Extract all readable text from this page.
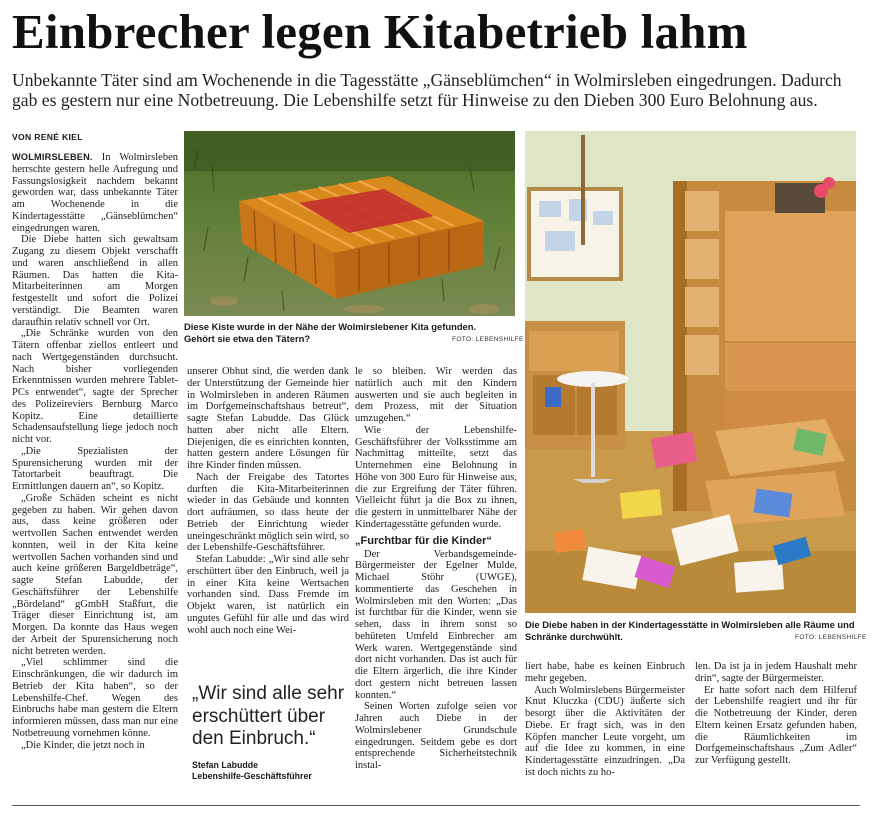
Einbrecher legen Kitabetrieb lahm

Unbekannte Täter sind am Wochenende in die Tagesstätte „Gänseblümchen“ in Wolmirsleben eingedrungen. Dadurch gab es gestern nur eine Notbetreuung. Die Lebenshilfe setzt für Hinweise zu den Dieben 300 Euro Belohnung aus.

VON RENÉ KIEL

WOLMIRSLEBEN. In Wolmirsleben herrschte gestern helle Aufregung und Fassungslosigkeit nachdem bekannt geworden war, dass unbekannte Täter am Wochenende in die Kindertagesstätte „Gänseblümchen“ eingedrungen waren.

Die Diebe hatten sich gewaltsam Zugang zu diesem Objekt verschafft und waren anschließend in allen Räumen. Das hatten die Kita-Mitarbeiterinnen am Morgen festgestellt und sofort die Polizei verständigt. Die Beamten waren daraufhin relativ schnell vor Ort.

„Die Schränke wurden von den Tätern offenbar ziellos entleert und nach Wertgegenständen durchsucht. Nach bisher vorliegenden Erkenntnissen wurden mehrere Tablet-PCs entwendet“, sagte der Sprecher des Polizeireviers Bernburg Marco Kopitz. Eine detaillierte Schadensaufstellung liege jedoch noch nicht vor.

„Die Spezialisten der Spurensicherung wurden mit der Tatortarbeit beauftragt. Die Ermittlungen dauern an“, so Kopitz.

„Große Schäden scheint es nicht gegeben zu haben. Wir gehen davon aus, dass keine größeren oder wertvollen Sachen entwendet werden konnten, weil in der Kita keine wertvollen Sachen vorhanden sind und auch keine größeren Bargeldbeträge“, sagte Stefan Labudde, der Geschäftsführer der Lebenshilfe „Bördeland“ gGmbH Staßfurt, die Träger dieser Einrichtung ist, am Morgen. Da konnte das Haus wegen der Arbeit der Spurensicherung noch nicht betreten werden.

„Viel schlimmer sind die Einschränkungen, die wir dadurch im Betrieb der Kita haben“, so der Lebenshilfe-Chef. Wegen des Einbruchs habe man gestern die Eltern informieren müssen, dass man nur eine Notbetreuung vornehmen könne.

„Die Kinder, die jetzt noch in

Diese Kiste wurde in der Nähe der Wolmirslebener Kita gefunden. Gehört sie etwa den Tätern?	FOTO: LEBENSHILFE
Die Diebe haben in der Kindertagesstätte in Wolmirsleben alle Räume und Schränke durchwühlt.	FOTO: LEBENSHILFE

unserer Obhut sind, die werden dank der Unterstützung der Gemeinde hier in Wolmirsleben in anderen Räumen im Dorfgemeinschaftshaus betreut“, sagte Stefan Labudde. Das Glück hatten aber nicht alle Eltern. Diejenigen, die es einrichten konnten, hatten gestern andere Lösungen für ihre Kinder finden müssen.

Nach der Freigabe des Tatortes durften die Kita-Mitarbeiterinnen wieder in das Gebäude und konnten dort aufräumen, so dass heute der Betrieb der Einrichtung wieder uneingeschränkt möglich sein wird, so der Lebenshilfe-Geschäftsführer.

Stefan Labudde: „Wir sind alle sehr erschüttert über den Einbruch, weil ja in einer Kita keine Wertsachen vorhanden sind. Dass Fremde im Objekt waren, ist natürlich ein ungutes Gefühl für alle und das wird wohl auch noch eine Wei-

„Wir sind alle sehr erschüttert über den Einbruch.“
Stefan Labudde
Lebenshilfe-Geschäftsführer

le so bleiben. Wir werden das natürlich auch mit den Kindern auswerten und sie auch begleiten in dem Prozess, mit der Situation umzugehen.“

Wie der Lebenshilfe-Geschäftsführer der Volksstimme am Nachmittag mitteilte, setzt das Unternehmen eine Belohnung in Höhe von 300 Euro für Hinweise aus, die zur Ergreifung der Täter führen. Vielleicht führt ja die Box zu ihnen, die gestern in unmittelbarer Nähe der Kindertagesstätte gefunden wurde.

„Furchtbar für die Kinder“

Der Verbandsgemeinde-Bürgermeister der Egelner Mulde, Michael Stöhr (UWGE), kommentierte das Geschehen in Wolmirsleben mit den Worten: „Das ist furchtbar für die Kinder, wenn sie sehen, dass in ihrem sonst so behüteten Umfeld Einbrecher am Werk waren. Wertgegenstände sind dort nicht vorhanden. Das ist auch für die Eltern ärgerlich, die ihre Kinder dort gestern nicht betreuen lassen konnten.“

Seinen Worten zufolge seien vor Jahren auch Diebe in der Wolmirslebener Grundschule eingedrungen. Seitdem gebe es dort entsprechende Sicherheitstechnik instal-

liert habe, habe es keinen Einbruch mehr gegeben.

Auch Wolmirslebens Bürgermeister Knut Kluczka (CDU) äußerte sich besorgt über die Aktivitäten der Diebe. Er fragt sich, was in den Köpfen mancher Leute vorgeht, um auf die Idee zu kommen, in eine Kindertagesstätte einzudringen. „Da ist doch nichts zu ho-

len. Da ist ja in jedem Haushalt mehr drin“, sagte der Bürgermeister.

Er hatte sofort nach dem Hilferuf der Lebenshilfe reagiert und ihr für die Notbetreuung der Kinder, deren Eltern keinen Ersatz gefunden haben, die Räumlichkeiten im Dorfgemeinschaftshaus „Zum Adler“ zur Verfügung gestellt.
